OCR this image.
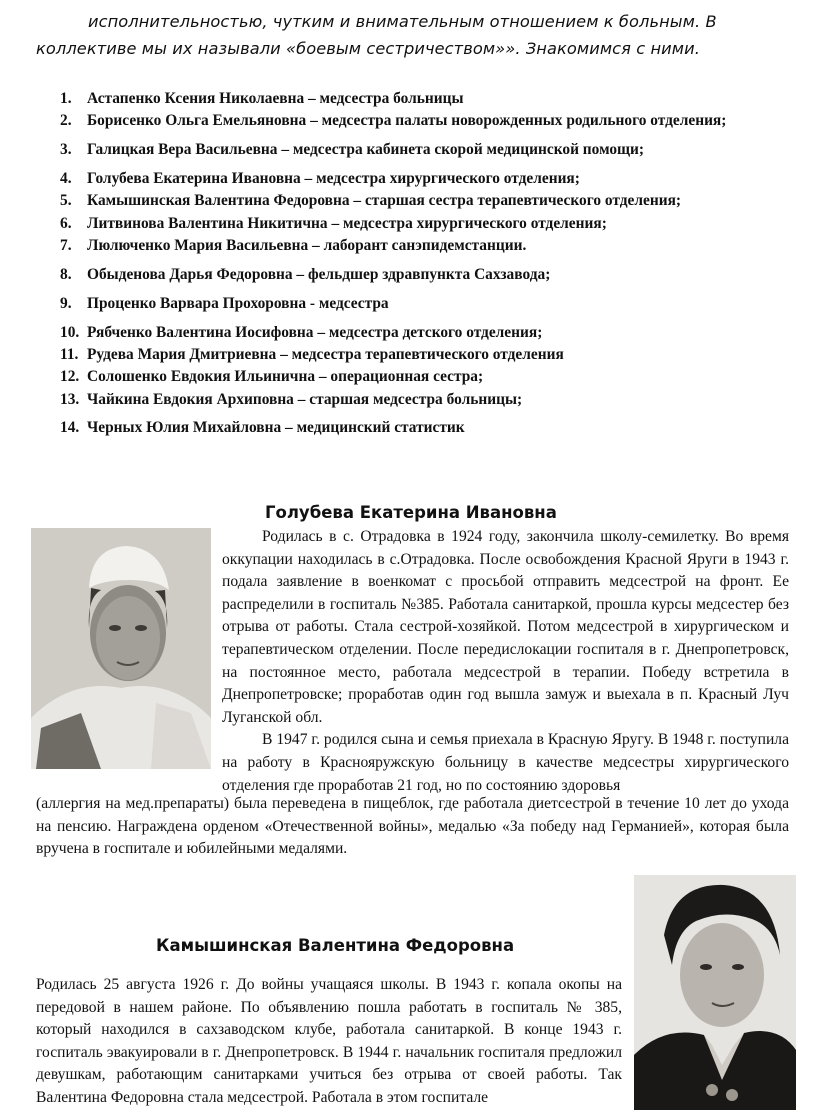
исполнительностью, чутким и внимательным отношением к больным. В
коллективе мы их называли «боевым сестричеством»». Знакомимся с ними.
1. Астапенко Ксения Николаевна – медсестра больницы
2. Борисенко Ольга Емельяновна – медсестра палаты новорожденных родильного отделения;
3. Галицкая Вера Васильевна – медсестра кабинета скорой медицинской помощи;
4. Голубева Екатерина Ивановна – медсестра хирургического отделения;
5. Камышинская Валентина Федоровна – старшая сестра терапевтического отделения;
6. Литвинова Валентина Никитична – медсестра хирургического отделения;
7. Люлюченко Мария Васильевна – лаборант санэпидемстанции.
8. Обыденова Дарья Федоровна – фельдшер здравпункта Сахзавода;
9. Проценко Варвара Прохоровна - медсестра
10. Рябченко Валентина Иосифовна – медсестра детского отделения;
11. Рудева Мария Дмитриевна – медсестра терапевтического отделения
12. Солошенко Евдокия Ильинична – операционная сестра;
13. Чайкина Евдокия Архиповна – старшая медсестра больницы;
14. Черных Юлия Михайловна – медицинский статистик
Голубева Екатерина Ивановна
Родилась в с. Отрадовка в 1924 году, закончила школу-семилетку. Во время оккупации находилась в с.Отрадовка. После освобождения Красной Яруги в 1943 г. подала заявление в военкомат с просьбой отправить медсестрой на фронт. Ее распределили в госпиталь №385. Работала санитаркой, прошла курсы медсестер без отрыва от работы. Стала сестрой-хозяйкой. Потом медсестрой в хирургическом и терапевтическом отделении. После передислокации госпиталя в г. Днепропетровск, на постоянное место, работала медсестрой в терапии. Победу встретила в Днепропетровске; проработав один год вышла замуж и выехала в п. Красный Луч Луганской обл.
В 1947 г. родился сына и семья приехала в Красную Яругу. В 1948 г. поступила на работу в Краснояружскую больницу в качестве медсестры хирургического отделения где проработав 21 год, но по состоянию здоровья
(аллергия на мед.препараты) была переведена в пищеблок, где работала диетсестрой в течение 10 лет до ухода на пенсию. Награждена орденом «Отечественной войны», медалью «За победу над Германией», которая была вручена в госпитале и юбилейными медалями.
Камышинская Валентина Федоровна
Родилась 25 августа 1926 г. До войны учащаяся школы. В 1943 г. копала окопы на передовой в нашем районе. По объявлению пошла работать в госпиталь № 385, который находился в сахзаводском клубе, работала санитаркой. В конце 1943 г. госпиталь эвакуировали в г. Днепропетровск. В 1944 г. начальник госпиталя предложил девушкам, работающим санитарками учиться без отрыва от своей работы. Так Валентина Федоровна стала медсестрой. Работала в этом госпитале
